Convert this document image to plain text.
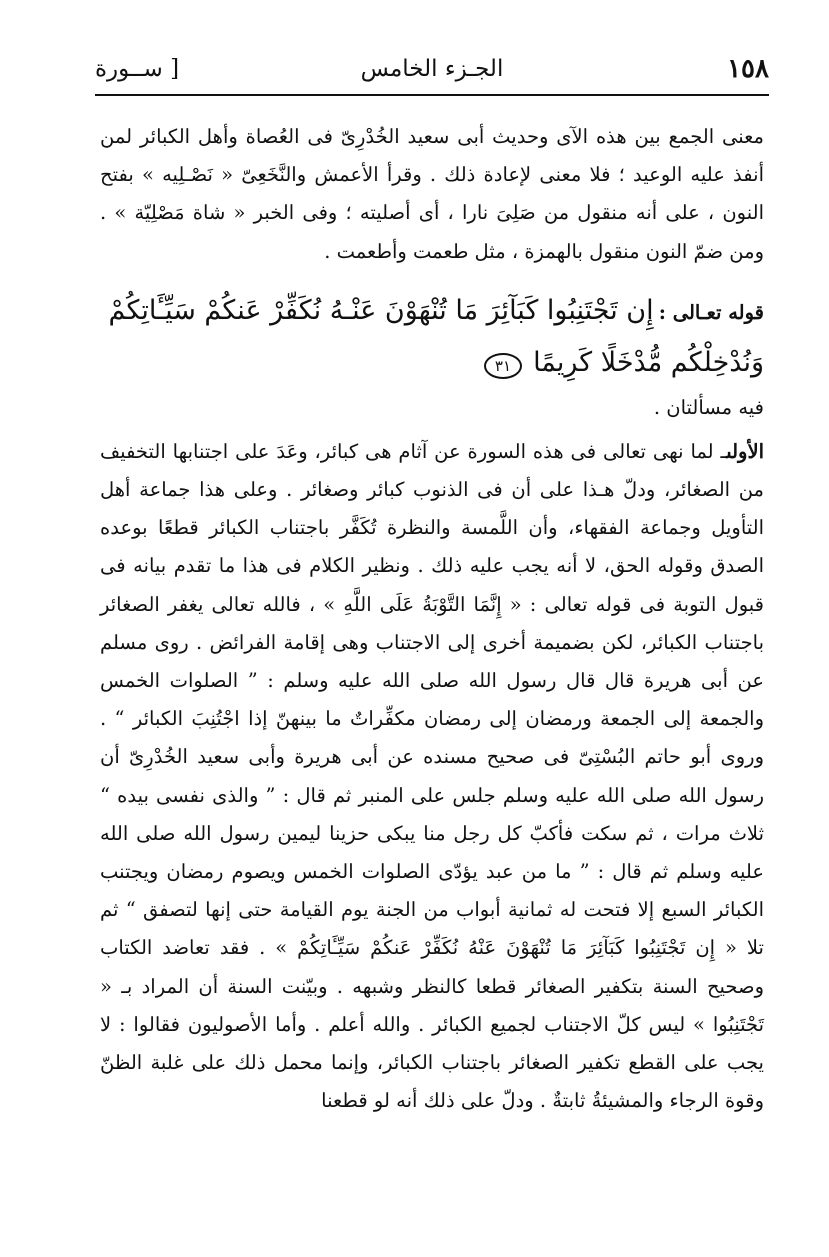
١٥٨
الجـزء الخامس
[ ســورة

معنى الجمع بين هذه الآى وحديث أبى سعيد الخُدْرِىّ فى العُصاة وأهل الكبائر لمن أنفذ عليه الوعيد ؛ فلا معنى لإعادة ذلك . وقرأ الأعمش والنَّخَعِىّ « نَصْـلِيه » بفتح النون ، على أنه منقول من صَلِىَ نارا ، أى أصليته ؛ وفى الخبر « شاة مَصْلِيّة » . ومن ضمّ النون منقول بالهمزة ، مثل طعمت وأطعمت .

قوله تعـالى : إِن تَجْتَنِبُوا كَبَآئِرَ مَا تُنْهَوْنَ عَنْـهُ نُكَفِّرْ عَنكُمْ سَيِّـَٔاتِكُمْ وَنُدْخِلْكُم مُّدْخَلًا كَرِيمًا ٣١

فيه مسألتان .

الأولىـ لما نهى تعالى فى هذه السورة عن آثام هى كبائر، وعَدَ على اجتنابها التخفيف من الصغائر، ودلّ هـذا على أن فى الذنوب كبائر وصغائر . وعلى هذا جماعة أهل التأويل وجماعة الفقهاء، وأن اللَّمسة والنظرة تُكَفَّر باجتناب الكبائر قطعًا بوعده الصدق وقوله الحق، لا أنه يجب عليه ذلك . ونظير الكلام فى هذا ما تقدم بيانه فى قبول التوبة فى قوله تعالى : « إِنَّمَا التَّوْبَةُ عَلَى اللَّهِ » ، فالله تعالى يغفر الصغائر باجتناب الكبائر، لكن بضميمة أخرى إلى الاجتناب وهى إقامة الفرائض . روى مسلم عن أبى هريرة قال قال رسول الله صلى الله عليه وسلم : ” الصلوات الخمس والجمعة إلى الجمعة ورمضان إلى رمضان مكفِّراتٌ ما بينهنّ إذا اجْتُنِبَ الكبائر “ . وروى أبو حاتم البُسْتِىّ فى صحيح مسنده عن أبى هريرة وأبى سعيد الخُدْرِىّ أن رسول الله صلى الله عليه وسلم جلس على المنبر ثم قال : ” والذى نفسى بيده “ ثلاث مرات ، ثم سكت فأكبّ كل رجل منا يبكى حزينا ليمين رسول الله صلى الله عليه وسلم ثم قال : ” ما من عبد يؤدّى الصلوات الخمس ويصوم رمضان ويجتنب الكبائر السبع إلا فتحت له ثمانية أبواب من الجنة يوم القيامة حتى إنها لتصفق “ ثم تلا « إِن تَجْتَنِبُوا كَبَآئِرَ مَا تُنْهَوْنَ عَنْهُ نُكَفِّرْ عَنكُمْ سَيِّـَٔاتِكُمْ » . فقد تعاضد الكتاب وصحيح السنة بتكفير الصغائر قطعا كالنظر وشبهه . وبيّنت السنة أن المراد بـ « تَجْتَنِبُوا » ليس كلّ الاجتناب لجميع الكبائر . والله أعلم . وأما الأصوليون فقالوا : لا يجب على القطع تكفير الصغائر باجتناب الكبائر، وإنما محمل ذلك على غلبة الظنّ وقوة الرجاء والمشيئةُ ثابتةٌ . ودلّ على ذلك أنه لو قطعنا
